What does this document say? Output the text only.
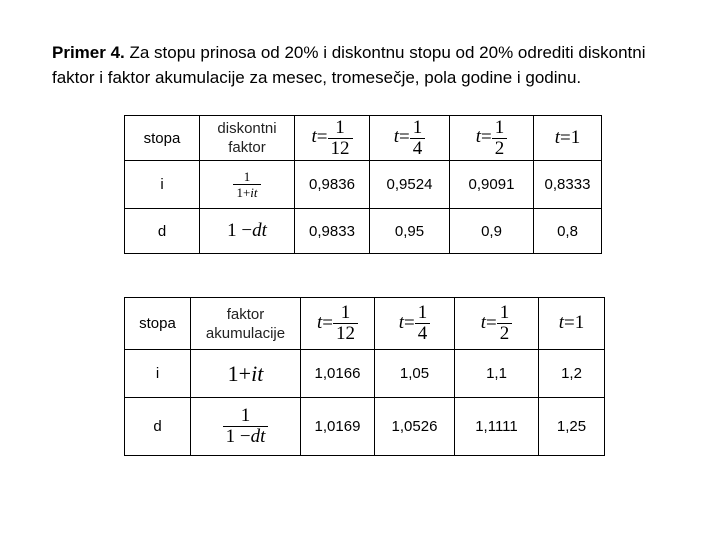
Primer 4. Za stopu prinosa od 20% i diskontnu stopu od 20% odrediti diskontni faktor i faktor akumulacije za mesec, tromesečje, pola godine i godinu.
stopa	diskontni faktor	$t= \frac{1}{12}$	$t= \frac{1}{4}$	$t= \frac{1}{2}$	t=1
i	$\frac{1}{1+it}$	0,9836	0,9524	0,9091	0,8333
d	1 −dt	0,9833	0,95	0,9	0,8
stopa	faktor akumulacije	$t= \frac{1}{12}$	$t= \frac{1}{4}$	$t= \frac{1}{2}$	t=1
i	1+it	1,0166	1,05	1,1	1,2
d	$\frac{1}{1 -dt}$	1,0169	1,0526	1,1111	1,25
